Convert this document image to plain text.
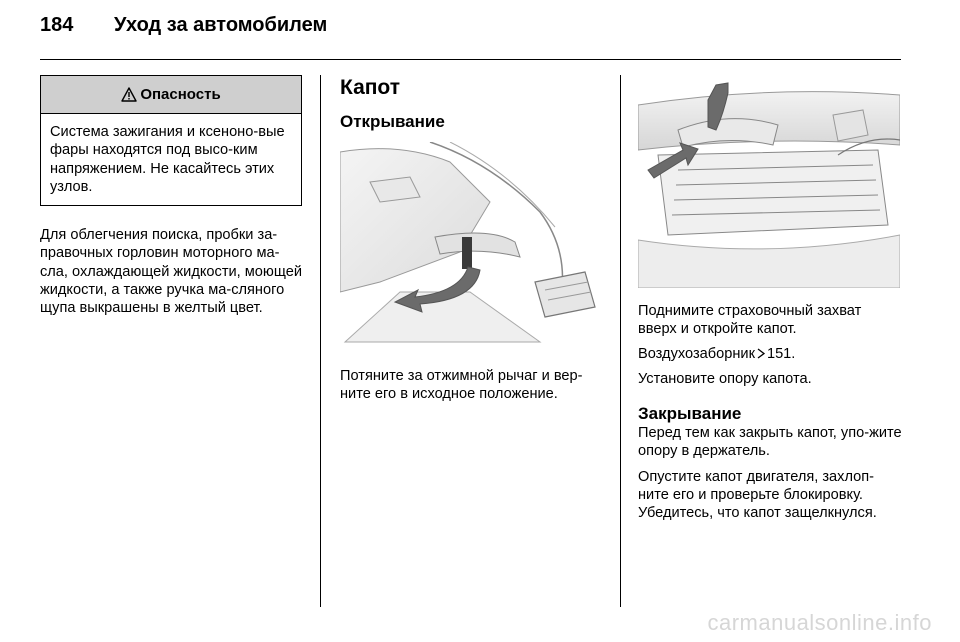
184	Уход за автомобилем
Опасность
Система зажигания и ксеноно-вые фары находятся под высо-ким напряжением. Не касайтесь этих узлов.

Для облегчения поиска, пробки за-правочных горловин моторного ма-сла, охлаждающей жидкости, моющей жидкости, а также ручка ма-сляного щупа выкрашены в желтый цвет.

Капот
Открывание

Потяните за отжимной рычаг и вер-ните его в исходное положение.

Поднимите страховочный захват вверх и откройте капот.

Воздухозаборник 151.

Установите опору капота.

Закрывание

Перед тем как закрыть капот, упо-жите опору в держатель.

Опустите капот двигателя, захлоп-ните его и проверьте блокировку.

Убедитесь, что капот защелкнулся.

carmanualsonline.info
